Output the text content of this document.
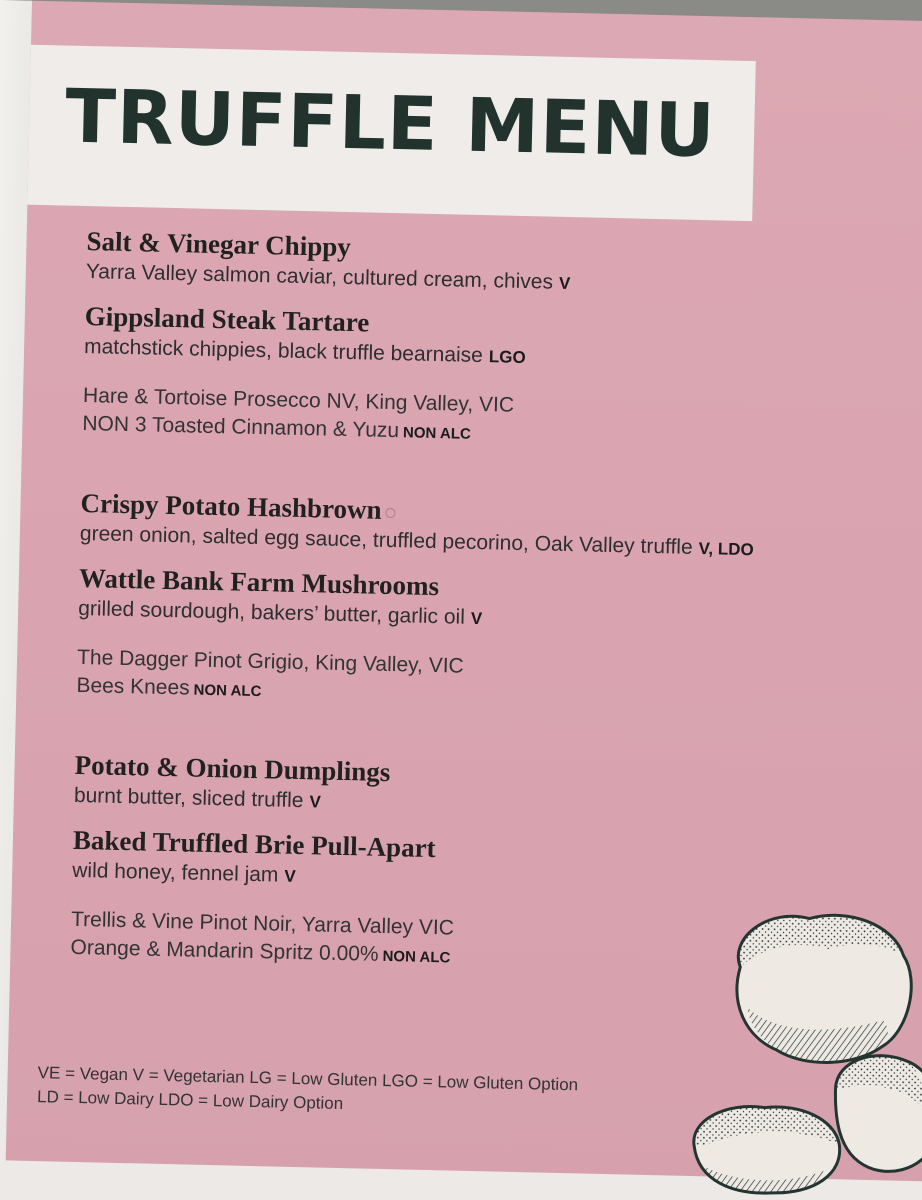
TRUFFLE MENU
Salt & Vinegar Chippy
Yarra Valley salmon caviar, cultured cream, chives V
Gippsland Steak Tartare
matchstick chippies, black truffle bearnaise LGO
Hare & Tortoise Prosecco NV, King Valley, VIC
NON 3 Toasted Cinnamon & Yuzu NON ALC
Crispy Potato Hashbrown
green onion, salted egg sauce, truffled pecorino, Oak Valley truffle V, LDO
Wattle Bank Farm Mushrooms
grilled sourdough, bakers’ butter, garlic oil V
The Dagger Pinot Grigio, King Valley, VIC
Bees Knees NON ALC
Potato & Onion Dumplings
burnt butter, sliced truffle V
Baked Truffled Brie Pull-Apart
wild honey, fennel jam V
Trellis & Vine Pinot Noir, Yarra Valley VIC
Orange & Mandarin Spritz 0.00% NON ALC
VE = Vegan V = Vegetarian LG = Low Gluten LGO = Low Gluten Option
LD = Low Dairy LDO = Low Dairy Option
